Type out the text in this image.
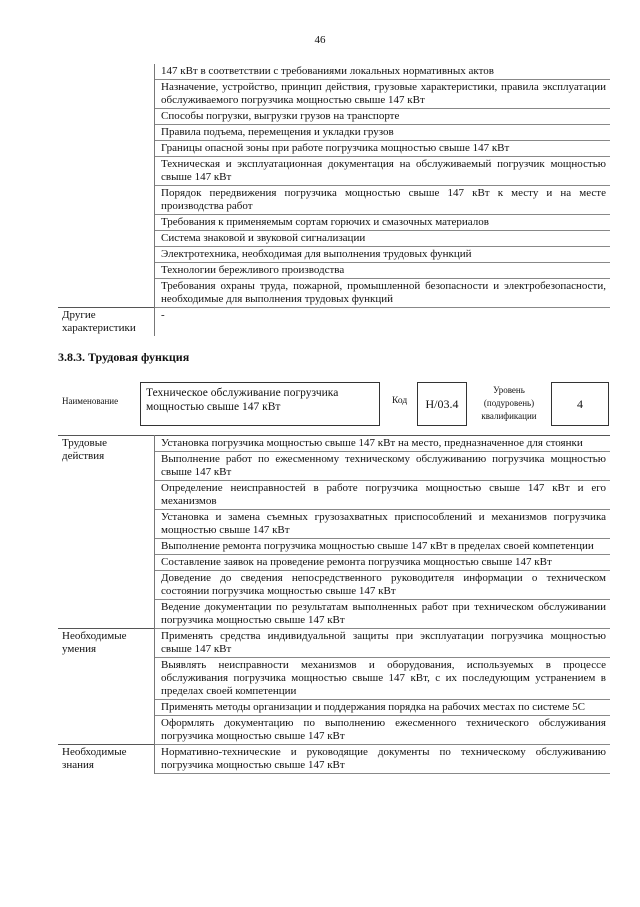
46
	147 кВт в соответствии с требованиями локальных нормативных актов
	Назначение, устройство, принцип действия, грузовые характеристики, правила эксплуатации обслуживаемого погрузчика мощностью свыше 147 кВт
	Способы погрузки, выгрузки грузов на транспорте
	Правила подъема, перемещения и укладки грузов
	Границы опасной зоны при работе погрузчика мощностью свыше 147 кВт
	Техническая и эксплуатационная документация на обслуживаемый погрузчик мощностью свыше 147 кВт
	Порядок передвижения погрузчика мощностью свыше 147 кВт к месту и на месте производства работ
	Требования к применяемым сортам горючих и смазочных материалов
	Система знаковой и звуковой сигнализации
	Электротехника, необходимая для выполнения трудовых функций
	Технологии бережливого производства
	Требования охраны труда, пожарной, промышленной безопасности и электробезопасности, необходимые для выполнения трудовых функций
Другие характеристики	-
3.8.3. Трудовая функция
Наименование
Техническое обслуживание погрузчика мощностью свыше 147 кВт	Код	H/03.4
Уровень (подуровень) квалификации
4
Трудовые действия	Установка погрузчика мощностью свыше 147 кВт на место, предназначенное для стоянки
	Выполнение работ по ежесменному техническому обслуживанию погрузчика мощностью свыше 147 кВт
	Определение неисправностей в работе погрузчика мощностью свыше 147 кВт и его механизмов
	Установка и замена съемных грузозахватных приспособлений и механизмов погрузчика мощностью свыше 147 кВт
	Выполнение ремонта погрузчика мощностью свыше 147 кВт в пределах своей компетенции
	Составление заявок на проведение ремонта погрузчика мощностью свыше 147 кВт
	Доведение до сведения непосредственного руководителя информации о техническом состоянии погрузчика мощностью свыше 147 кВт
	Ведение документации по результатам выполненных работ при техническом обслуживании погрузчика мощностью свыше 147 кВт
Необходимые умения	Применять средства индивидуальной защиты при эксплуатации погрузчика мощностью свыше 147 кВт
	Выявлять неисправности механизмов и оборудования, используемых в процессе обслуживания погрузчика мощностью свыше 147 кВт, с их последующим устранением в пределах своей компетенции
	Применять методы организации и поддержания порядка на рабочих местах по системе 5С
	Оформлять документацию по выполнению ежесменного технического обслуживания погрузчика мощностью свыше 147 кВт
Необходимые знания	Нормативно-технические и руководящие документы по техническому обслуживанию погрузчика мощностью свыше 147 кВт
